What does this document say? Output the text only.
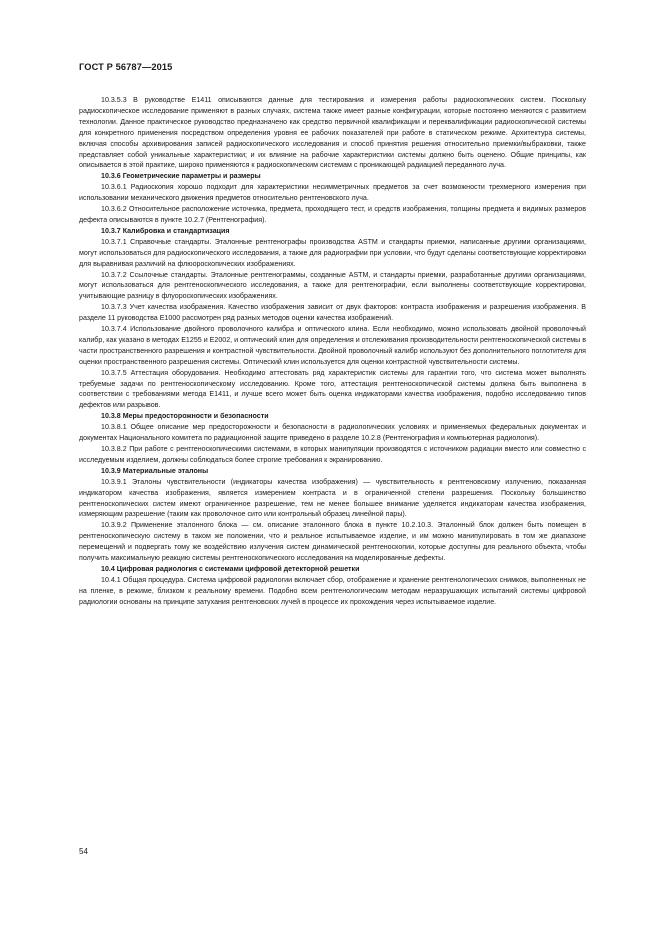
ГОСТ Р 56787—2015

10.3.5.3 В руководстве E1411 описываются данные для тестирования и измерения работы радиоскопических систем. Поскольку радиоскопическое исследование применяют в разных случаях, система также имеет разные конфигурации, которые постоянно меняются с развитием технологии. Данное практическое руководство предназначено как средство первичной квалификации и переквалификации радиоскопической системы для конкретного применения посредством определения уровня ее рабочих показателей при работе в статическом режиме. Архитектура системы, включая способы архивирования записей радиоскопического исследования и способ принятия решения относительно приемки/выбраковки, также представляет собой уникальные характеристики; и их влияние на рабочие характеристики системы должно быть оценено. Общие принципы, как описывается в этой практике, широко применяются к радиоскопическим системам с проникающей радиацией переданного луча.

10.3.6 Геометрические параметры и размеры

10.3.6.1 Радиоскопия хорошо подходит для характеристики несимметричных предметов за счет возможности трехмерного измерения при использовании механического движения предметов относительно рентгеновского луча.

10.3.6.2 Относительное расположение источника, предмета, проходящего тест, и средств изображения, толщины предмета и видимых размеров дефекта описываются в пункте 10.2.7 (Рентгенография).

10.3.7 Калибровка и стандартизация

10.3.7.1 Справочные стандарты. Эталонные рентгенографы производства ASTM и стандарты приемки, написанные другими организациями, могут использоваться для радиоскопического исследования, а также для радиографии при условии, что будут сделаны соответствующие корректировки для выравнивая различий на флюороскопических изображениях.

10.3.7.2 Ссылочные стандарты. Эталонные рентгенограммы, созданные ASTM, и стандарты приемки, разработанные другими организациями, могут использоваться для рентгеноскопического исследования, а также для рентгенографии, если выполнены соответствующие корректировки, учитывающие разницу в флуороскопических изображениях.

10.3.7.3 Учет качества изображения. Качество изображения зависит от двух факторов: контраста изображения и разрешения изображения. В разделе 11 руководства E1000 рассмотрен ряд разных методов оценки качества изображений.

10.3.7.4 Использование двойного проволочного калибра и оптического клина. Если необходимо, можно использовать двойной проволочный калибр, как указано в методах E1255 и E2002, и оптический клин для определения и отслеживания производительности рентгеноскопической системы в части пространственного разрешения и контрастной чувствительности. Двойной проволочный калибр используют без дополнительного поглотителя для оценки пространственного разрешения системы. Оптический клин используется для оценки контрастной чувствительности системы.

10.3.7.5 Аттестация оборудования. Необходимо аттестовать ряд характеристик системы для гарантии того, что система может выполнять требуемые задачи по рентгеноскопическому исследованию. Кроме того, аттестация рентгеноскопической системы должна быть выполнена в соответствии с требованиями метода E1411, и лучше всего может быть оценка индикаторами качества изображения, подобно исследованию типов дефектов или разрывов.

10.3.8 Меры предосторожности и безопасности

10.3.8.1 Общее описание мер предосторожности и безопасности в радиологических условиях и применяемых федеральных документах и документах Национального комитета по радиационной защите приведено в разделе 10.2.8 (Рентгенография и компьютерная радиология).

10.3.8.2 При работе с рентгеноскопическими системами, в которых манипуляции производятся с источником радиации вместо или совместно с исследуемым изделием, должны соблюдаться более строгие требования к экранированию.

10.3.9 Материальные эталоны

10.3.9.1 Эталоны чувствительности (индикаторы качества изображения) — чувствительность к рентгеновскому излучению, показанная индикатором качества изображения, является измерением контраста и в ограниченной степени разрешения. Поскольку большинство рентгеноскопических систем имеют ограниченное разрешение, тем не менее большее внимание уделяется индикаторам качества изображения, измеряющим разрешение (таким как проволочное сито или контрольный образец линейной пары).

10.3.9.2 Применение эталонного блока — см. описание эталонного блока в пункте 10.2.10.3. Эталонный блок должен быть помещен в рентгеноскопическую систему в таком же положении, что и реальное испытываемое изделие, и им можно манипулировать в том же диапазоне перемещений и подвергать тому же воздействию излучения систем динамической рентгеноскопии, которые доступны для реального объекта, чтобы получить максимальную реакцию системы рентгеноскопического исследования на моделированные дефекты.

10.4 Цифровая радиология с системами цифровой детекторной решетки

10.4.1 Общая процедура. Система цифровой радиологии включает сбор, отображение и хранение рентгенологических снимков, выполненных не на пленке, в режиме, близком к реальному времени. Подобно всем рентгенологическим методам неразрушающих испытаний системы цифровой радиологии основаны на принципе затухания рентгеновских лучей в процессе их прохождения через испытываемое изделие.

54
